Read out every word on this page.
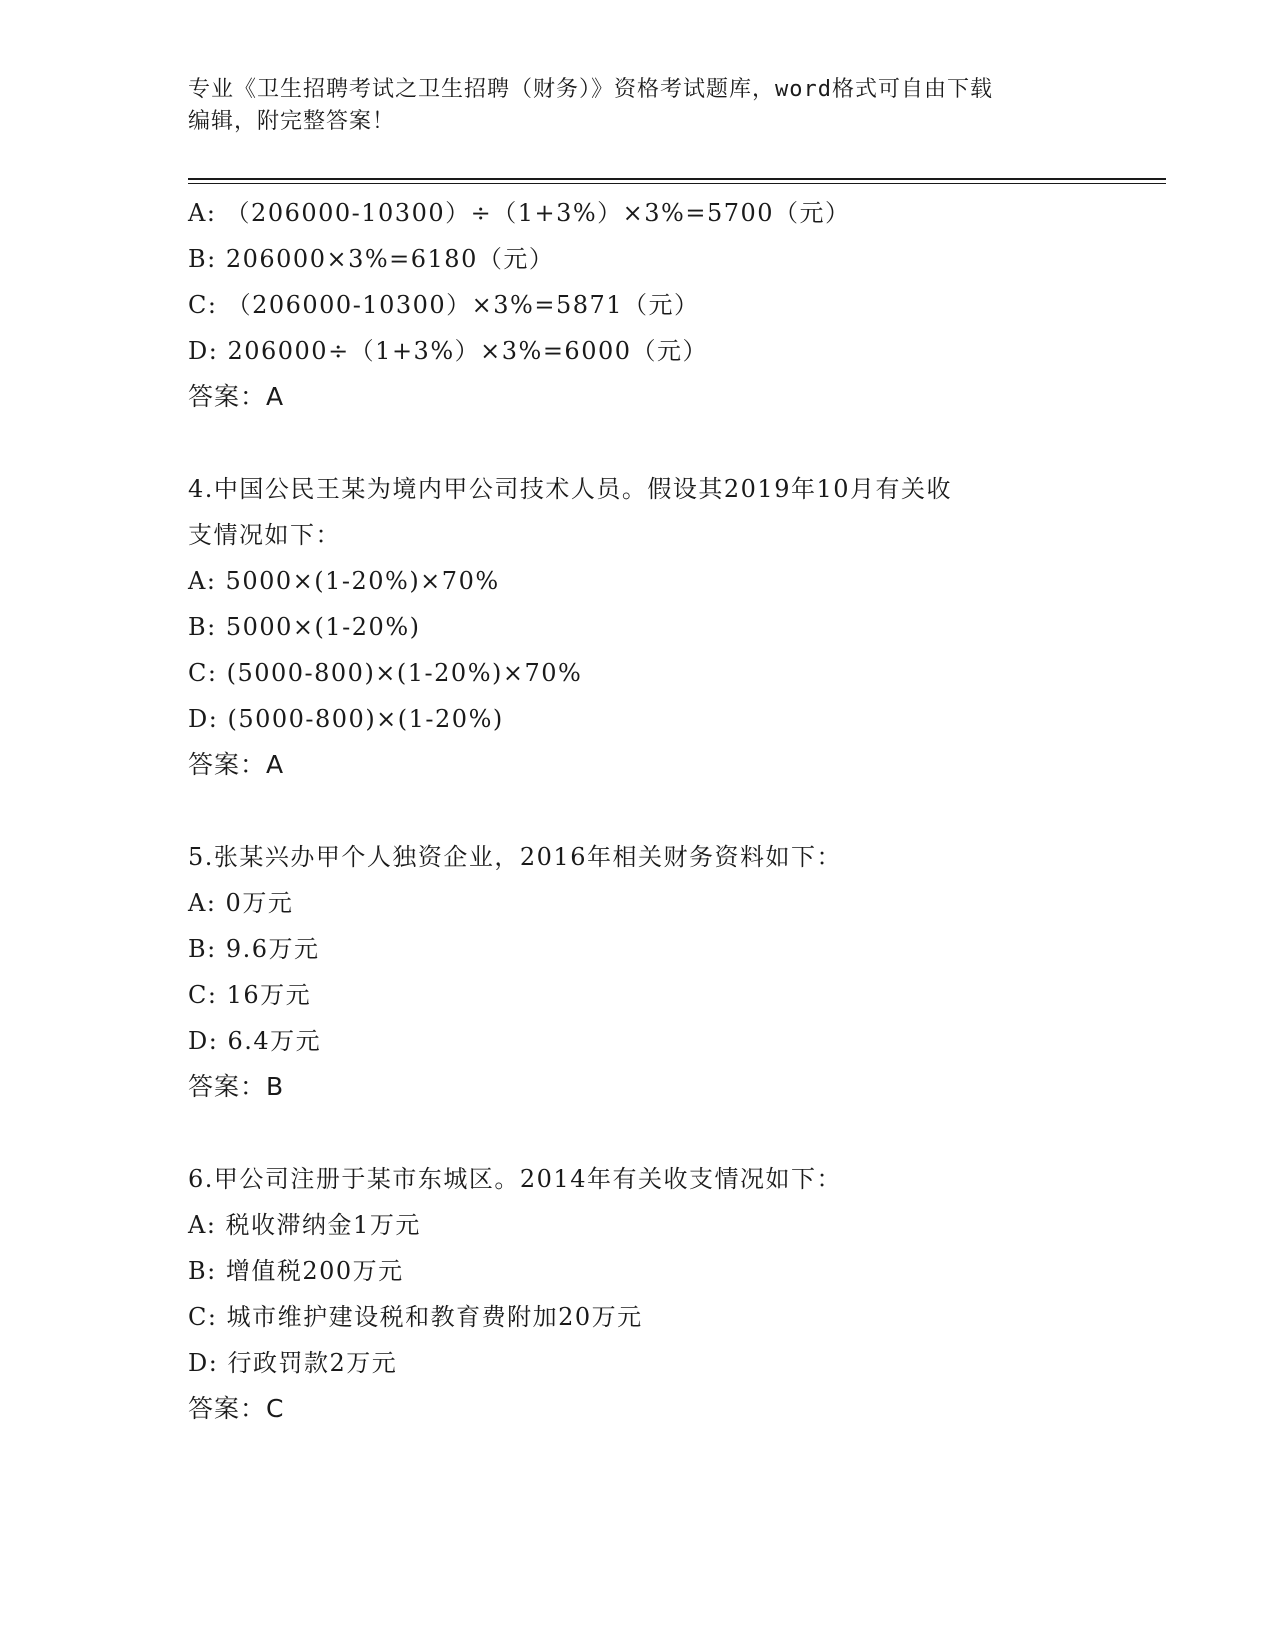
专业《卫生招聘考试之卫生招聘（财务）》资格考试题库，word格式可自由下载
编辑，附完整答案！
A: （206000-10300）÷（1+3%）×3%=5700（元）
B: 206000×3%=6180（元）
C: （206000-10300）×3%=5871（元）
D: 206000÷（1+3%）×3%=6000（元）
答案：A
4.中国公民王某为境内甲公司技术人员。假设其2019年10月有关收
支情况如下：
A: 5000×(1-20%)×70%
B: 5000×(1-20%)
C: (5000-800)×(1-20%)×70%
D: (5000-800)×(1-20%)
答案：A
5.张某兴办甲个人独资企业，2016年相关财务资料如下：
A: 0万元
B: 9.6万元
C: 16万元
D: 6.4万元
答案：B
6.甲公司注册于某市东城区。2014年有关收支情况如下：
A: 税收滞纳金1万元
B: 增值税200万元
C: 城市维护建设税和教育费附加20万元
D: 行政罚款2万元
答案：C
